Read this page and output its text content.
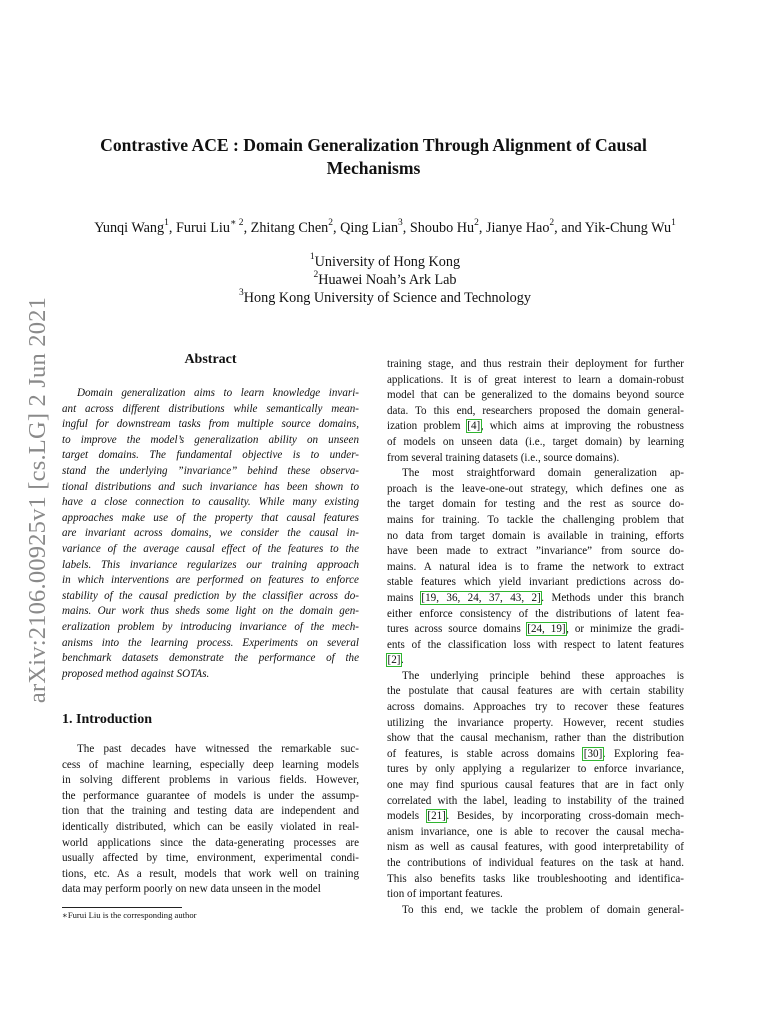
arXiv:2106.00925v1 [cs.LG] 2 Jun 2021
Contrastive ACE : Domain Generalization Through Alignment of Causal
Mechanisms
Yunqi Wang$^1$, Furui Liu$^{∗ 2}$, Zhitang Chen$^2$, Qing Lian$^3$, Shoubo Hu$^2$, Jianye Hao$^2$, and Yik-Chung Wu$^1$
$^1$University of Hong Kong
$^2$Huawei Noah’s Ark Lab
$^3$Hong Kong University of Science and Technology
Abstract
Domain generalization aims to learn knowledge invari-
ant across different distributions while semantically mean-
ingful for downstream tasks from multiple source domains,
to improve the model’s generalization ability on unseen
target domains. The fundamental objective is to under-
stand the underlying ”invariance” behind these observa-
tional distributions and such invariance has been shown to
have a close connection to causality. While many existing
approaches make use of the property that causal features
are invariant across domains, we consider the causal in-
variance of the average causal effect of the features to the
labels. This invariance regularizes our training approach
in which interventions are performed on features to enforce
stability of the causal prediction by the classifier across do-
mains. Our work thus sheds some light on the domain gen-
eralization problem by introducing invariance of the mech-
anisms into the learning process. Experiments on several
benchmark datasets demonstrate the performance of the
proposed method against SOTAs.
1. Introduction
The past decades have witnessed the remarkable suc-
cess of machine learning, especially deep learning models
in solving different problems in various fields. However,
the performance guarantee of models is under the assump-
tion that the training and testing data are independent and
identically distributed, which can be easily violated in real-
world applications since the data-generating processes are
usually affected by time, environment, experimental condi-
tions, etc. As a result, models that work well on training
data may perform poorly on new data unseen in the model
∗Furui Liu is the corresponding author
training stage, and thus restrain their deployment for further
applications. It is of great interest to learn a domain-robust
model that can be generalized to the domains beyond source
data. To this end, researchers proposed the domain general-
ization problem [4], which aims at improving the robustness
of models on unseen data (i.e., target domain) by learning
from several training datasets (i.e., source domains).
The most straightforward domain generalization ap-
proach is the leave-one-out strategy, which defines one as
the target domain for testing and the rest as source do-
mains for training. To tackle the challenging problem that
no data from target domain is available in training, efforts
have been made to extract ”invariance” from source do-
mains. A natural idea is to frame the network to extract
stable features which yield invariant predictions across do-
mains [19, 36, 24, 37, 43, 2]. Methods under this branch
either enforce consistency of the distributions of latent fea-
tures across source domains [24, 19], or minimize the gradi-
ents of the classification loss with respect to latent features
[2].
The underlying principle behind these approaches is
the postulate that causal features are with certain stability
across domains. Approaches try to recover these features
utilizing the invariance property. However, recent studies
show that the causal mechanism, rather than the distribution
of features, is stable across domains [30]. Exploring fea-
tures by only applying a regularizer to enforce invariance,
one may find spurious causal features that are in fact only
correlated with the label, leading to instability of the trained
models [21]. Besides, by incorporating cross-domain mech-
anism invariance, one is able to recover the causal mecha-
nism as well as causal features, with good interpretability of
the contributions of individual features on the task at hand.
This also benefits tasks like troubleshooting and identifica-
tion of important features.
To this end, we tackle the problem of domain general-
